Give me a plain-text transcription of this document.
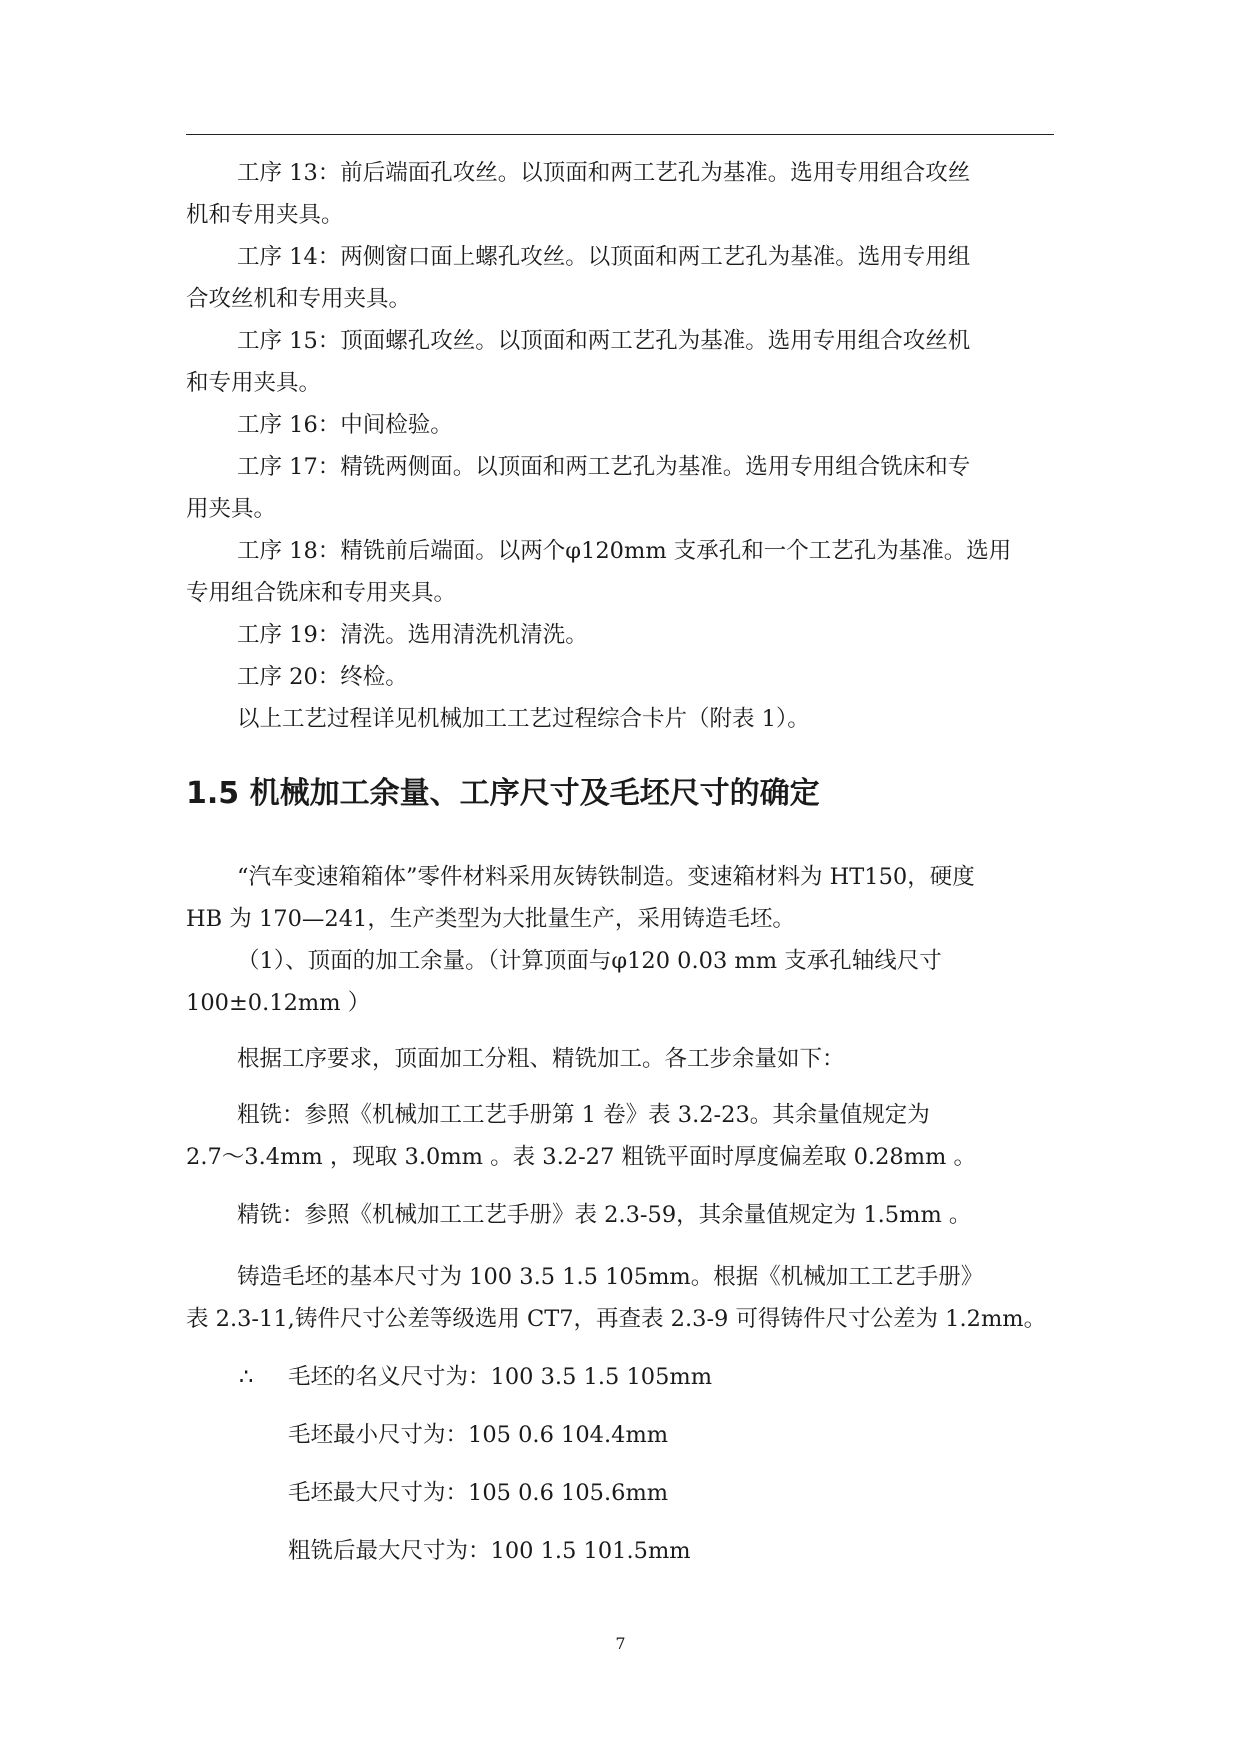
工序 13：前后端面孔攻丝。以顶面和两工艺孔为基准。选用专用组合攻丝
机和专用夹具。
工序 14：两侧窗口面上螺孔攻丝。以顶面和两工艺孔为基准。选用专用组
合攻丝机和专用夹具。
工序 15：顶面螺孔攻丝。以顶面和两工艺孔为基准。选用专用组合攻丝机
和专用夹具。
工序 16：中间检验。
工序 17：精铣两侧面。以顶面和两工艺孔为基准。选用专用组合铣床和专
用夹具。
工序 18：精铣前后端面。以两个φ120mm 支承孔和一个工艺孔为基准。选用
专用组合铣床和专用夹具。
工序 19：清洗。选用清洗机清洗。
工序 20：终检。
以上工艺过程详见机械加工工艺过程综合卡片（附表 1）。
1.5 机械加工余量、工序尺寸及毛坯尺寸的确定
“汽车变速箱箱体”零件材料采用灰铸铁制造。变速箱材料为 HT150，硬度
HB 为 170—241，生产类型为大批量生产，采用铸造毛坯。
（1）、顶面的加工余量。（计算顶面与φ120 0.03 mm 支承孔轴线尺寸
100±0.12mm ）
根据工序要求，顶面加工分粗、精铣加工。各工步余量如下：
粗铣：参照《机械加工工艺手册第 1 卷》表 3.2-23。其余量值规定为
2.7～3.4mm ，现取 3.0mm 。表 3.2-27 粗铣平面时厚度偏差取 0.28mm 。
精铣：参照《机械加工工艺手册》表 2.3-59，其余量值规定为 1.5mm 。
铸造毛坯的基本尺寸为 100 3.5 1.5 105mm。根据《机械加工工艺手册》
表 2.3-11,铸件尺寸公差等级选用 CT7，再查表 2.3-9 可得铸件尺寸公差为 1.2mm。
∴ 毛坯的名义尺寸为：100 3.5 1.5 105mm
毛坯最小尺寸为：105 0.6 104.4mm
毛坯最大尺寸为：105 0.6 105.6mm
粗铣后最大尺寸为：100 1.5 101.5mm
7
